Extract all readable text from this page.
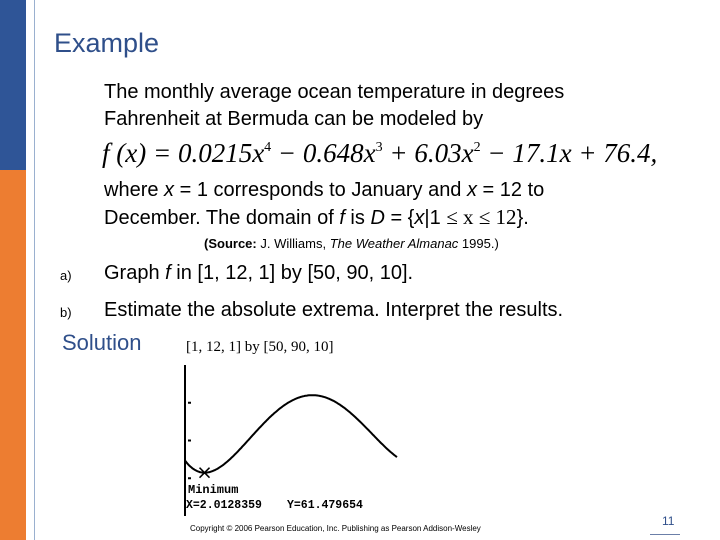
Example
The monthly average ocean temperature in degrees
Fahrenheit at Bermuda can be modeled by
f $(x) = 0.0215x^4 - 0.648x^3 + 6.03x^2 - 17.1x + 76.4$,
where x = 1 corresponds to January and x = 12 to
December. The domain of f is D = {x|1 ≤ x ≤ 12}.
(Source: J. Williams, The Weather Almanac 1995.)
a) Graph f in [1, 12, 1] by [50, 90, 10].
b) Estimate the absolute extrema. Interpret the results.
Solution	[1, 12, 1] by [50, 90, 10]
Minimum
X=2.0128359 Y=61.479654
Copyright © 2006 Pearson Education, Inc. Publishing as Pearson Addison-Wesley
11
